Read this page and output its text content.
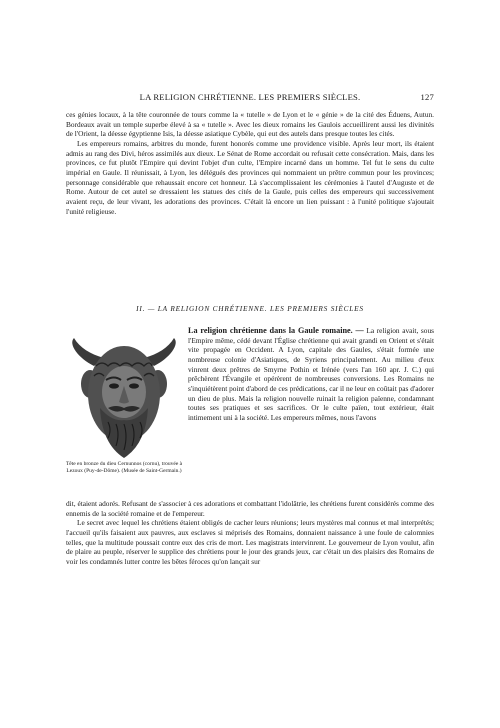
LA RELIGION CHRÉTIENNE. LES PREMIERS SIÈCLES.	127

ces génies locaux, à la tête couronnée de tours comme la « tutelle » de Lyon et le « génie » de la cité des Éduens, Autun. Bordeaux avait un temple superbe élevé à sa « tutelle ». Avec les dieux romains les Gaulois accueillirent aussi les divinités de l'Orient, la déesse égyptienne Isis, la déesse asiatique Cybèle, qui eut des autels dans presque toutes les cités.

Les empereurs romains, arbitres du monde, furent honorés comme une providence visible. Après leur mort, ils étaient admis au rang des Divi, héros assimilés aux dieux. Le Sénat de Rome accordait ou refusait cette consécration. Mais, dans les provinces, ce fut plutôt l'Empire qui devint l'objet d'un culte, l'Empire incarné dans un homme. Tel fut le sens du culte impérial en Gaule. Il réunissait, à Lyon, les délégués des provinces qui nommaient un prêtre commun pour les provinces; personnage considérable que rehaussait encore cet honneur. Là s'accomplissaient les cérémonies à l'autel d'Auguste et de Rome. Autour de cet autel se dressaient les statues des cités de la Gaule, puis celles des empereurs qui successivement avaient reçu, de leur vivant, les adorations des provinces. C'était là encore un lien puissant : à l'unité politique s'ajoutait l'unité religieuse.

II. — LA RELIGION CHRÉTIENNE. LES PREMIERS SIÈCLES
Tête en bronze du dieu Cernunnos (cornu), trouvée à Lezoux (Puy-de-Dôme). (Musée de Saint-Germain.)

La religion chrétienne dans la Gaule romaine. — La religion avait, sous l'Empire même, cédé devant l'Église chrétienne qui avait grandi en Orient et s'était vite propagée en Occident. A Lyon, capitale des Gaules, s'était formée une nombreuse colonie d'Asiatiques, de Syriens principalement. Au milieu d'eux vinrent deux prêtres de Smyrne Pothin et Irénée (vers l'an 160 apr. J. C.) qui prêchèrent l'Évangile et opérèrent de nombreuses conversions. Les Romains ne s'inquiétèrent point d'abord de ces prédications, car il ne leur en coûtait pas d'adorer un dieu de plus. Mais la religion nouvelle ruinait la religion païenne, condamnant toutes ses pratiques et ses sacrifices. Or le culte païen, tout extérieur, était intimement uni à la société. Les empereurs mêmes, nous l'avons

dit, étaient adorés. Refusant de s'associer à ces adorations et combattant l'idolâtrie, les chrétiens furent considérés comme des ennemis de la société romaine et de l'empereur.

Le secret avec lequel les chrétiens étaient obligés de cacher leurs réunions; leurs mystères mal connus et mal interprétés; l'accueil qu'ils faisaient aux pauvres, aux esclaves si méprisés des Romains, donnaient naissance à une foule de calomnies telles, que la multitude poussait contre eux des cris de mort. Les magistrats intervinrent. Le gouverneur de Lyon voulut, afin de plaire au peuple, réserver le supplice des chrétiens pour le jour des grands jeux, car c'était un des plaisirs des Romains de voir les condamnés lutter contre les bêtes féroces qu'on lançait sur
